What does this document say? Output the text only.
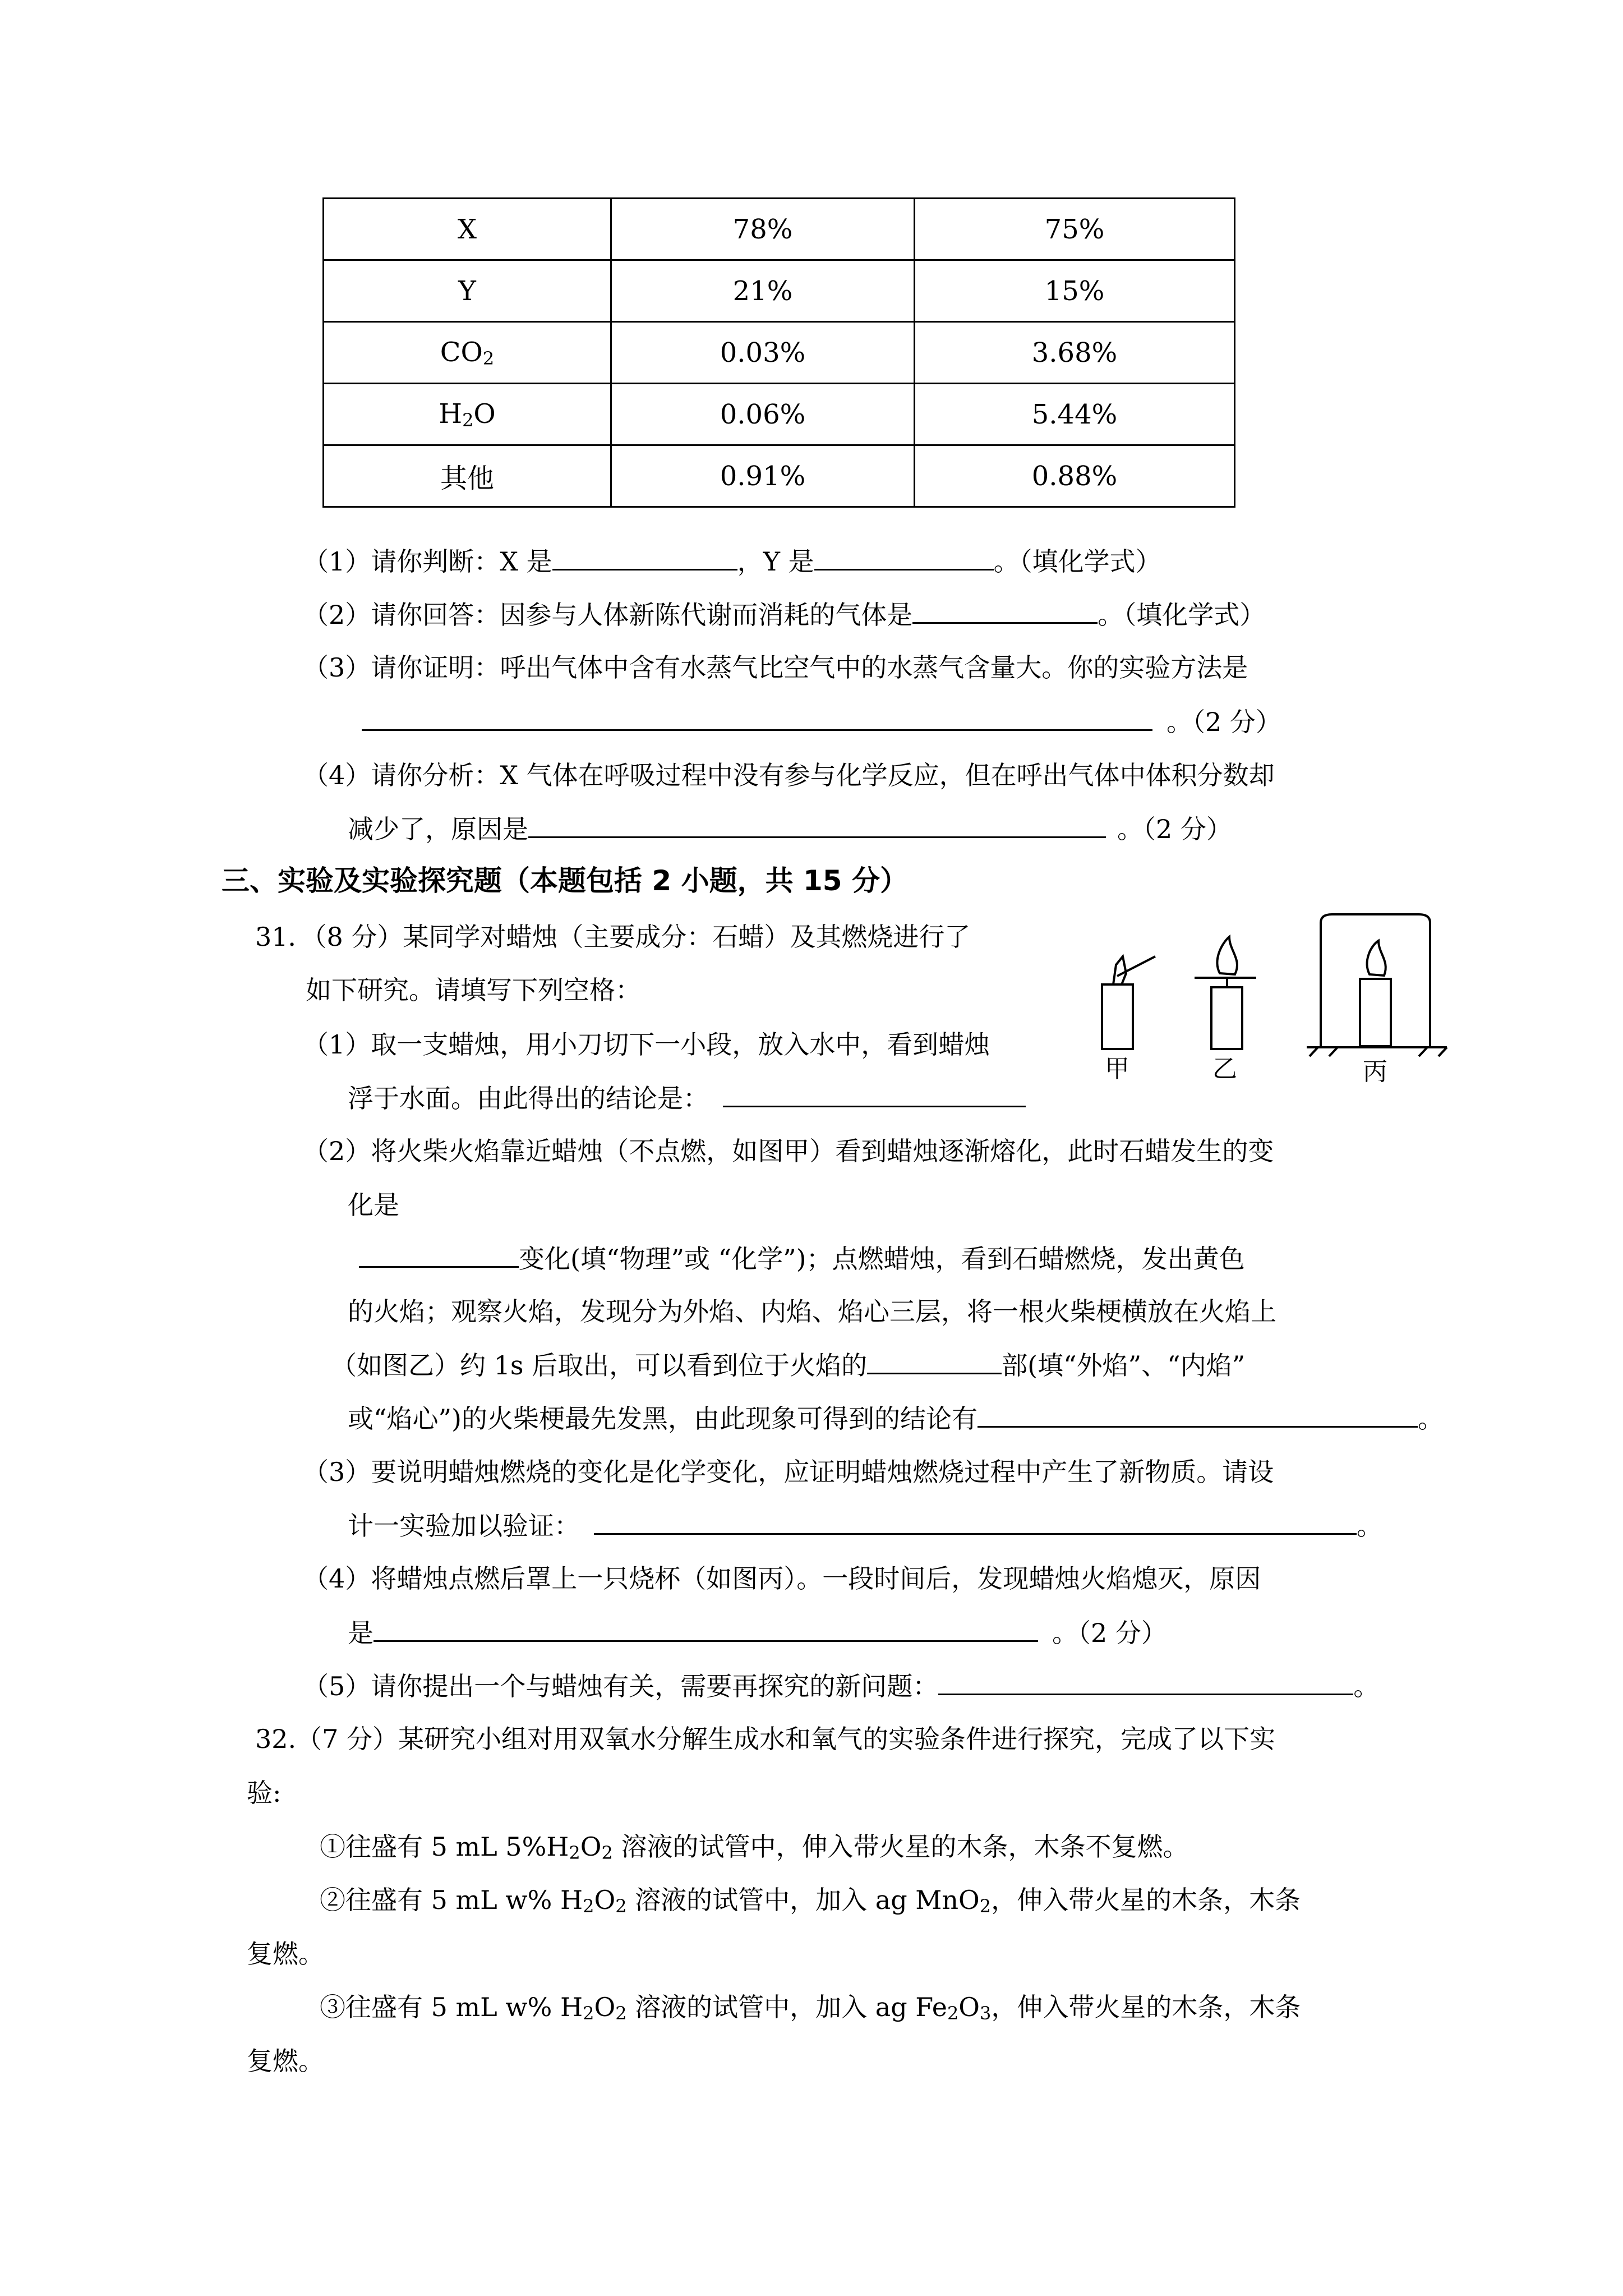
X	78%	75%
Y	21%	15%
$CO_2$	0.03%	3.68%
$H_2O$	0.06%	5.44%
其他	0.91%	0.88%
（1）请你判断：X 是	，Y 是	。（填化学式）
（2）请你回答：因参与人体新陈代谢而消耗的气体是	。（填化学式）
（3）请你证明：呼出气体中含有水蒸气比空气中的水蒸气含量大。你的实验方法是
。（2 分）
（4）请你分析：X 气体在呼吸过程中没有参与化学反应，但在呼出气体中体积分数却
减少了，原因是	。（2 分）
三、实验及实验探究题（本题包括 2 小题，共 15 分）
31．（8 分）某同学对蜡烛（主要成分：石蜡）及其燃烧进行了
如下研究。请填写下列空格：
（1）取一支蜡烛，用小刀切下一小段，放入水中，看到蜡烛
浮于水面。由此得出的结论是：
甲	乙	丙
（2）将火柴火焰靠近蜡烛（不点燃，如图甲）看到蜡烛逐渐熔化，此时石蜡发生的变
化是
变化(填“物理”或 “化学”)；点燃蜡烛，看到石蜡燃烧，发出黄色
的火焰；观察火焰，发现分为外焰、内焰、焰心三层，将一根火柴梗横放在火焰上
（如图乙）约 1s 后取出，可以看到位于火焰的	部(填“外焰”、“内焰”
或“焰心”)的火柴梗最先发黑，由此现象可得到的结论有	。
（3）要说明蜡烛燃烧的变化是化学变化，应证明蜡烛燃烧过程中产生了新物质。请设
计一实验加以验证：	。
（4）将蜡烛点燃后罩上一只烧杯（如图丙）。一段时间后，发现蜡烛火焰熄灭，原因
是	。（2 分）
（5）请你提出一个与蜡烛有关，需要再探究的新问题：	。
32.（7 分）某研究小组对用双氧水分解生成水和氧气的实验条件进行探究，完成了以下实
验:
①往盛有 5 mL $5\%H_2O_2$ 溶液的试管中，伸入带火星的木条，木条不复燃。
②往盛有 5 mL w% $H_2O_2$ 溶液的试管中，加入 ag MnO$_2$，伸入带火星的木条，木条
复燃。
③往盛有 5 mL w% $H_2O_2$ 溶液的试管中，加入 ag $Fe_2O_3$，伸入带火星的木条，木条
复燃。
